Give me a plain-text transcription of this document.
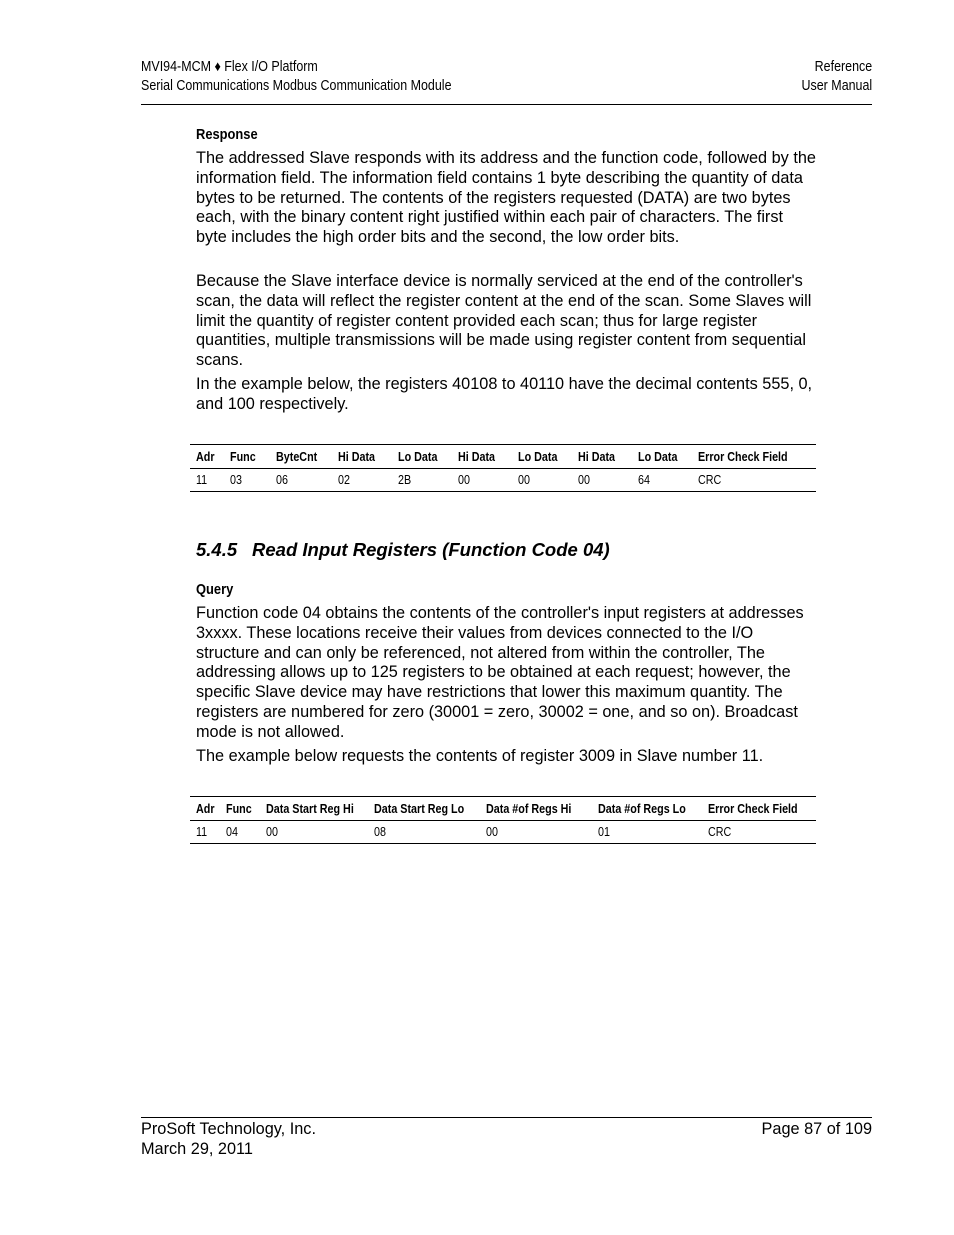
MVI94-MCM ♦ Flex I/O Platform
Serial Communications Modbus Communication Module
Reference
User Manual
Response
The addressed Slave responds with its address and the function code, followed by the information field. The information field contains 1 byte describing the quantity of data bytes to be returned. The contents of the registers requested (DATA) are two bytes each, with the binary content right justified within each pair of characters. The first byte includes the high order bits and the second, the low order bits.
Because the Slave interface device is normally serviced at the end of the controller's scan, the data will reflect the register content at the end of the scan. Some Slaves will limit the quantity of register content provided each scan; thus for large register quantities, multiple transmissions will be made using register content from sequential scans.
In the example below, the registers 40108 to 40110 have the decimal contents 555, 0, and 100 respectively.
Adr	Func	ByteCnt	Hi Data	Lo Data	Hi Data	Lo Data	Hi Data	Lo Data	Error Check Field
11	03	06	02	2B	00	00	00	64	CRC
5.4.5 Read Input Registers (Function Code 04)
Query
Function code 04 obtains the contents of the controller's input registers at addresses 3xxxx. These locations receive their values from devices connected to the I/O structure and can only be referenced, not altered from within the controller, The addressing allows up to 125 registers to be obtained at each request; however, the specific Slave device may have restrictions that lower this maximum quantity. The registers are numbered for zero (30001 = zero, 30002 = one, and so on). Broadcast mode is not allowed.
The example below requests the contents of register 3009 in Slave number 11.
Adr	Func	Data Start Reg Hi	Data Start Reg Lo	Data #of Regs Hi	Data #of Regs Lo	Error Check Field
11	04	00	08	00	01	CRC
ProSoft Technology, Inc.
March 29, 2011
Page 87 of 109
